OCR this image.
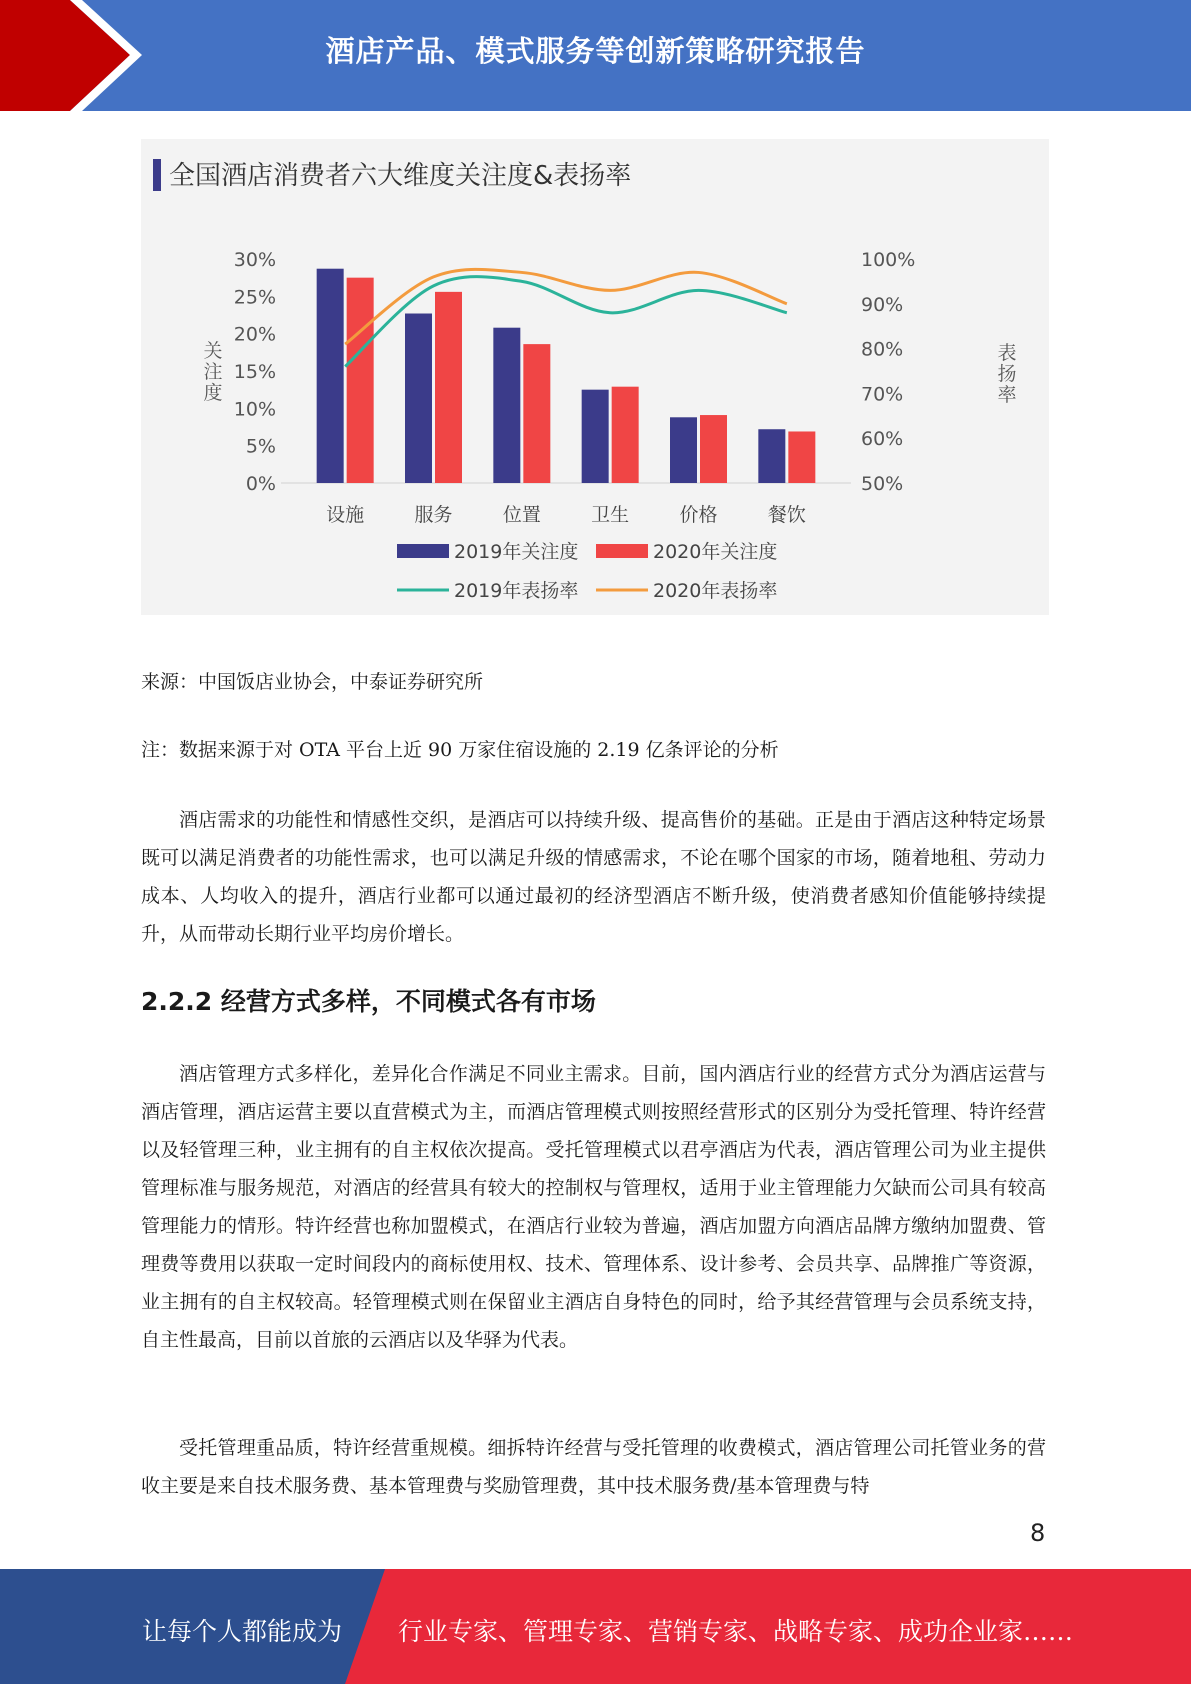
酒店产品、模式服务等创新策略研究报告
全国酒店消费者六大维度关注度&表扬率
0%
5%
10%
15%
20%
25%
30%
50%
60%
70%
80%
90%
100%
关
注
度
表
扬
率
设施	服务	位置	卫生	价格	餐饮
2019年关注度	2020年关注度
2019年表扬率	2020年表扬率
来源：中国饭店业协会，中泰证券研究所
注：数据来源于对 OTA 平台上近 90 万家住宿设施的 2.19 亿条评论的分析
酒店需求的功能性和情感性交织，是酒店可以持续升级、提高售价的基础。正是由于酒店这种特定场景既可以满足消费者的功能性需求，也可以满足升级的情感需求，不论在哪个国家的市场，随着地租、劳动力成本、人均收入的提升，酒店行业都可以通过最初的经济型酒店不断升级，使消费者感知价值能够持续提升，从而带动长期行业平均房价增长。
2.2.2 经营方式多样，不同模式各有市场
酒店管理方式多样化，差异化合作满足不同业主需求。目前，国内酒店行业的经营方式分为酒店运营与酒店管理，酒店运营主要以直营模式为主，而酒店管理模式则按照经营形式的区别分为受托管理、特许经营以及轻管理三种，业主拥有的自主权依次提高。受托管理模式以君亭酒店为代表，酒店管理公司为业主提供管理标准与服务规范，对酒店的经营具有较大的控制权与管理权，适用于业主管理能力欠缺而公司具有较高管理能力的情形。特许经营也称加盟模式，在酒店行业较为普遍，酒店加盟方向酒店品牌方缴纳加盟费、管理费等费用以获取一定时间段内的商标使用权、技术、管理体系、设计参考、会员共享、品牌推广等资源，业主拥有的自主权较高。轻管理模式则在保留业主酒店自身特色的同时，给予其经营管理与会员系统支持，自主性最高，目前以首旅的云酒店以及华驿为代表。
受托管理重品质，特许经营重规模。细拆特许经营与受托管理的收费模式，酒店管理公司托管业务的营收主要是来自技术服务费、基本管理费与奖励管理费，其中技术服务费/基本管理费与特
8
让每个人都能成为 行业专家、管理专家、营销专家、战略专家、成功企业家……
